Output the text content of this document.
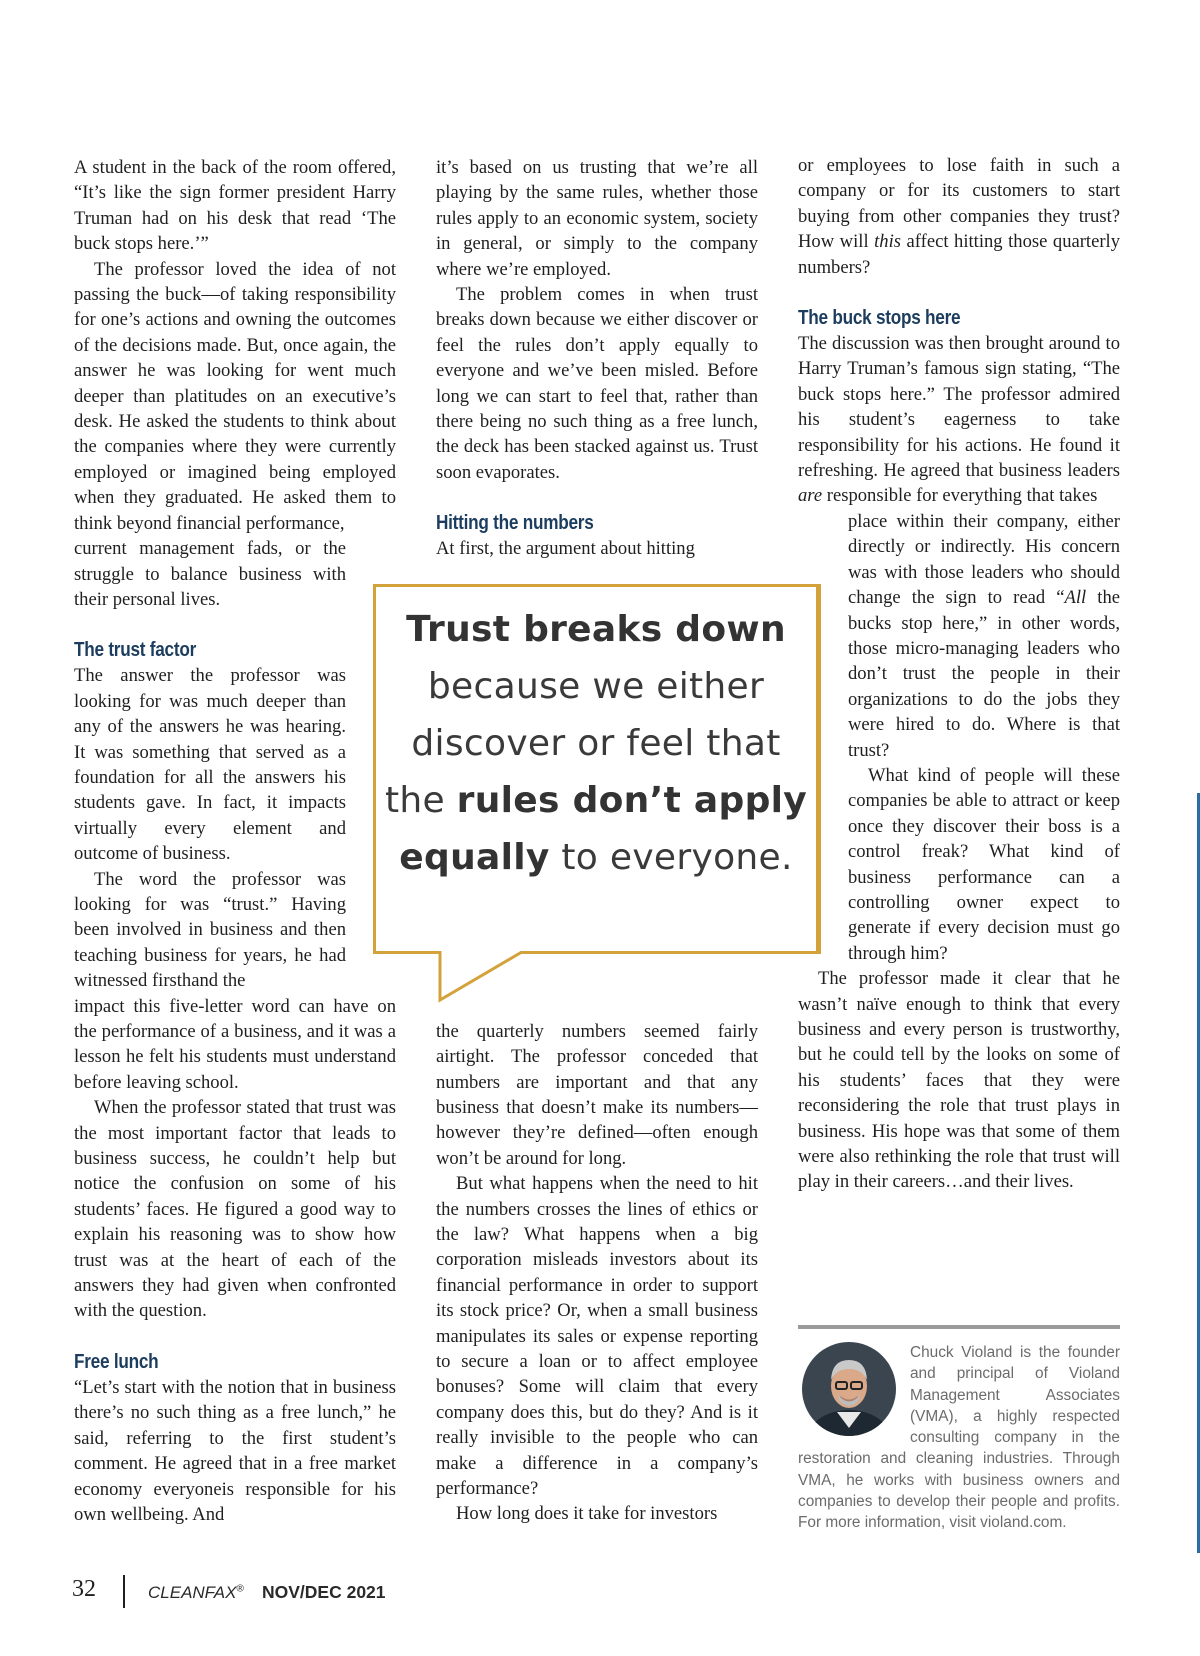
A student in the back of the room offered, “It’s like the sign former president Harry Truman had on his desk that read ‘The buck stops here.’”

The professor loved the idea of not passing the buck—of taking responsibility for one’s actions and owning the outcomes of the decisions made. But, once again, the answer he was looking for went much deeper than platitudes on an executive’s desk. He asked the students to think about the companies where they were currently employed or imagined being employed when they graduated. He asked them to think beyond financial performance,

current management fads, or the struggle to balance business with their personal lives.

The trust factor

The answer the professor was looking for was much deeper than any of the answers he was hearing. It was something that served as a foundation for all the answers his students gave. In fact, it impacts virtually every element and outcome of business.

The word the professor was looking for was “trust.” Having been involved in business and then teaching business for years, he had witnessed firsthand the

impact this five-letter word can have on the performance of a business, and it was a lesson he felt his students must understand before leaving school.

When the professor stated that trust was the most important factor that leads to business success, he couldn’t help but notice the confusion on some of his students’ faces. He figured a good way to explain his reasoning was to show how trust was at the heart of each of the answers they had given when confronted with the question.

Free lunch

“Let’s start with the notion that in business there’s no such thing as a free lunch,” he said, referring to the first student’s comment. He agreed that in a free market economy everyoneis responsible for his own wellbeing. And

it’s based on us trusting that we’re all playing by the same rules, whether those rules apply to an economic system, society in general, or simply to the company where we’re employed.

The problem comes in when trust breaks down because we either discover or feel the rules don’t apply equally to everyone and we’ve been misled. Before long we can start to feel that, rather than there being no such thing as a free lunch, the deck has been stacked against us. Trust soon evaporates.

Hitting the numbers

At first, the argument about hitting

the quarterly numbers seemed fairly airtight. The professor conceded that numbers are important and that any business that doesn’t make its numbers—however they’re defined—often enough won’t be around for long.

But what happens when the need to hit the numbers crosses the lines of ethics or the law? What happens when a big corporation misleads investors about its financial performance in order to support its stock price? Or, when a small business manipulates its sales or expense reporting to secure a loan or to affect employee bonuses? Some will claim that every company does this, but do they? And is it really invisible to the people who can make a difference in a company’s performance?

How long does it take for investors

Trust breaks down because we either discover or feel that the rules don’t apply equally to everyone.

or employees to lose faith in such a company or for its customers to start buying from other companies they trust? How will this affect hitting those quarterly numbers?

The buck stops here

The discussion was then brought around to Harry Truman’s famous sign stating, “The buck stops here.” The professor admired his student’s eagerness to take responsibility for his actions. He found it refreshing. He agreed that business leaders are responsible for everything that takes

place within their company, either directly or indirectly. His concern was with those leaders who should change the sign to read “All the bucks stop here,” in other words, those micro-managing leaders who don’t trust the people in their organizations to do the jobs they were hired to do. Where is that trust?

What kind of people will these companies be able to attract or keep once they discover their boss is a control freak? What kind of business performance can a controlling owner expect to generate if every decision must go through him?

The professor made it clear that he wasn’t naïve enough to think that every business and every person is trustworthy, but he could tell by the looks on some of his students’ faces that they were reconsidering the role that trust plays in business. His hope was that some of them were also rethinking the role that trust will play in their careers…and their lives.

Chuck Violand is the founder and principal of Violand Management Associates (VMA), a highly respected consulting company in the restoration and cleaning industries. Through VMA, he works with business owners and companies to develop their people and profits. For more information, visit violand.com.
32	CLEANFAX® NOV/DEC 2021
